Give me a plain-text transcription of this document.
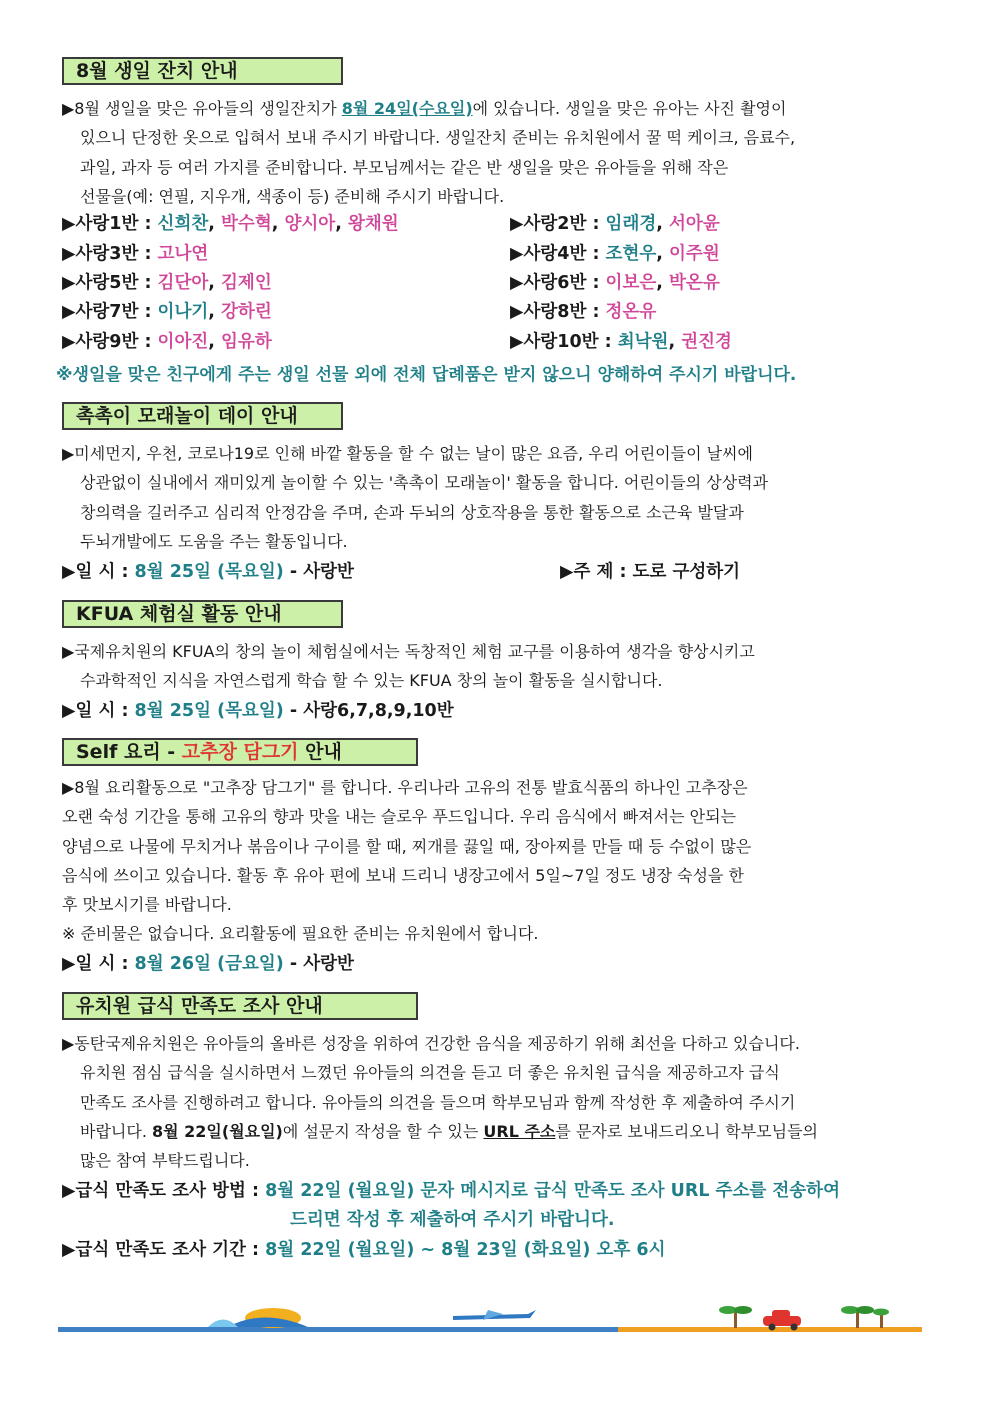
8월 생일 잔치 안내
▶8월 생일을 맞은 유아들의 생일잔치가 8월 24일(수요일)에 있습니다. 생일을 맞은 유아는 사진 촬영이
있으니 단정한 옷으로 입혀서 보내 주시기 바랍니다. 생일잔치 준비는 유치원에서 꿀 떡 케이크, 음료수,
과일, 과자 등 여러 가지를 준비합니다. 부모님께서는 같은 반 생일을 맞은 유아들을 위해 작은
선물을(예: 연필, 지우개, 색종이 등) 준비해 주시기 바랍니다.
▶사랑1반 : 신희찬, 박수혁, 양시아, 왕채원	▶사랑2반 : 임래경, 서아윤
▶사랑3반 : 고나연	▶사랑4반 : 조현우, 이주원
▶사랑5반 : 김단아, 김제인	▶사랑6반 : 이보은, 박온유
▶사랑7반 : 이나기, 강하린	▶사랑8반 : 정온유
▶사랑9반 : 이아진, 임유하	▶사랑10반 : 최낙원, 권진경
※생일을 맞은 친구에게 주는 생일 선물 외에 전체 답례품은 받지 않으니 양해하여 주시기 바랍니다.
촉촉이 모래놀이 데이 안내
▶미세먼지, 우천, 코로나19로 인해 바깥 활동을 할 수 없는 날이 많은 요즘, 우리 어린이들이 날씨에
상관없이 실내에서 재미있게 놀이할 수 있는 '촉촉이 모래놀이' 활동을 합니다. 어린이들의 상상력과
창의력을 길러주고 심리적 안정감을 주며, 손과 두뇌의 상호작용을 통한 활동으로 소근육 발달과
두뇌개발에도 도움을 주는 활동입니다.
▶일 시 : 8월 25일 (목요일) - 사랑반	▶주 제 : 도로 구성하기
KFUA 체험실 활동 안내
▶국제유치원의 KFUA의 창의 놀이 체험실에서는 독창적인 체험 교구를 이용하여 생각을 향상시키고
수과학적인 지식을 자연스럽게 학습 할 수 있는 KFUA 창의 놀이 활동을 실시합니다.
▶일 시 : 8월 25일 (목요일) - 사랑6,7,8,9,10반
Self 요리 - 고추장 담그기 안내
▶8월 요리활동으로 "고추장 담그기" 를 합니다. 우리나라 고유의 전통 발효식품의 하나인 고추장은
오랜 숙성 기간을 통해 고유의 향과 맛을 내는 슬로우 푸드입니다. 우리 음식에서 빠져서는 안되는
양념으로 나물에 무치거나 볶음이나 구이를 할 때, 찌개를 끓일 때, 장아찌를 만들 때 등 수없이 많은
음식에 쓰이고 있습니다. 활동 후 유아 편에 보내 드리니 냉장고에서 5일~7일 정도 냉장 숙성을 한
후 맛보시기를 바랍니다.
※ 준비물은 없습니다. 요리활동에 필요한 준비는 유치원에서 합니다.
▶일 시 : 8월 26일 (금요일) - 사랑반
유치원 급식 만족도 조사 안내
▶동탄국제유치원은 유아들의 올바른 성장을 위하여 건강한 음식을 제공하기 위해 최선을 다하고 있습니다.
유치원 점심 급식을 실시하면서 느꼈던 유아들의 의견을 듣고 더 좋은 유치원 급식을 제공하고자 급식
만족도 조사를 진행하려고 합니다. 유아들의 의견을 들으며 학부모님과 함께 작성한 후 제출하여 주시기
바랍니다. 8월 22일(월요일)에 설문지 작성을 할 수 있는 URL 주소를 문자로 보내드리오니 학부모님들의
많은 참여 부탁드립니다.
▶급식 만족도 조사 방법 : 8월 22일 (월요일) 문자 메시지로 급식 만족도 조사 URL 주소를 전송하여
드리면 작성 후 제출하여 주시기 바랍니다.
▶급식 만족도 조사 기간 : 8월 22일 (월요일) ~ 8월 23일 (화요일) 오후 6시
